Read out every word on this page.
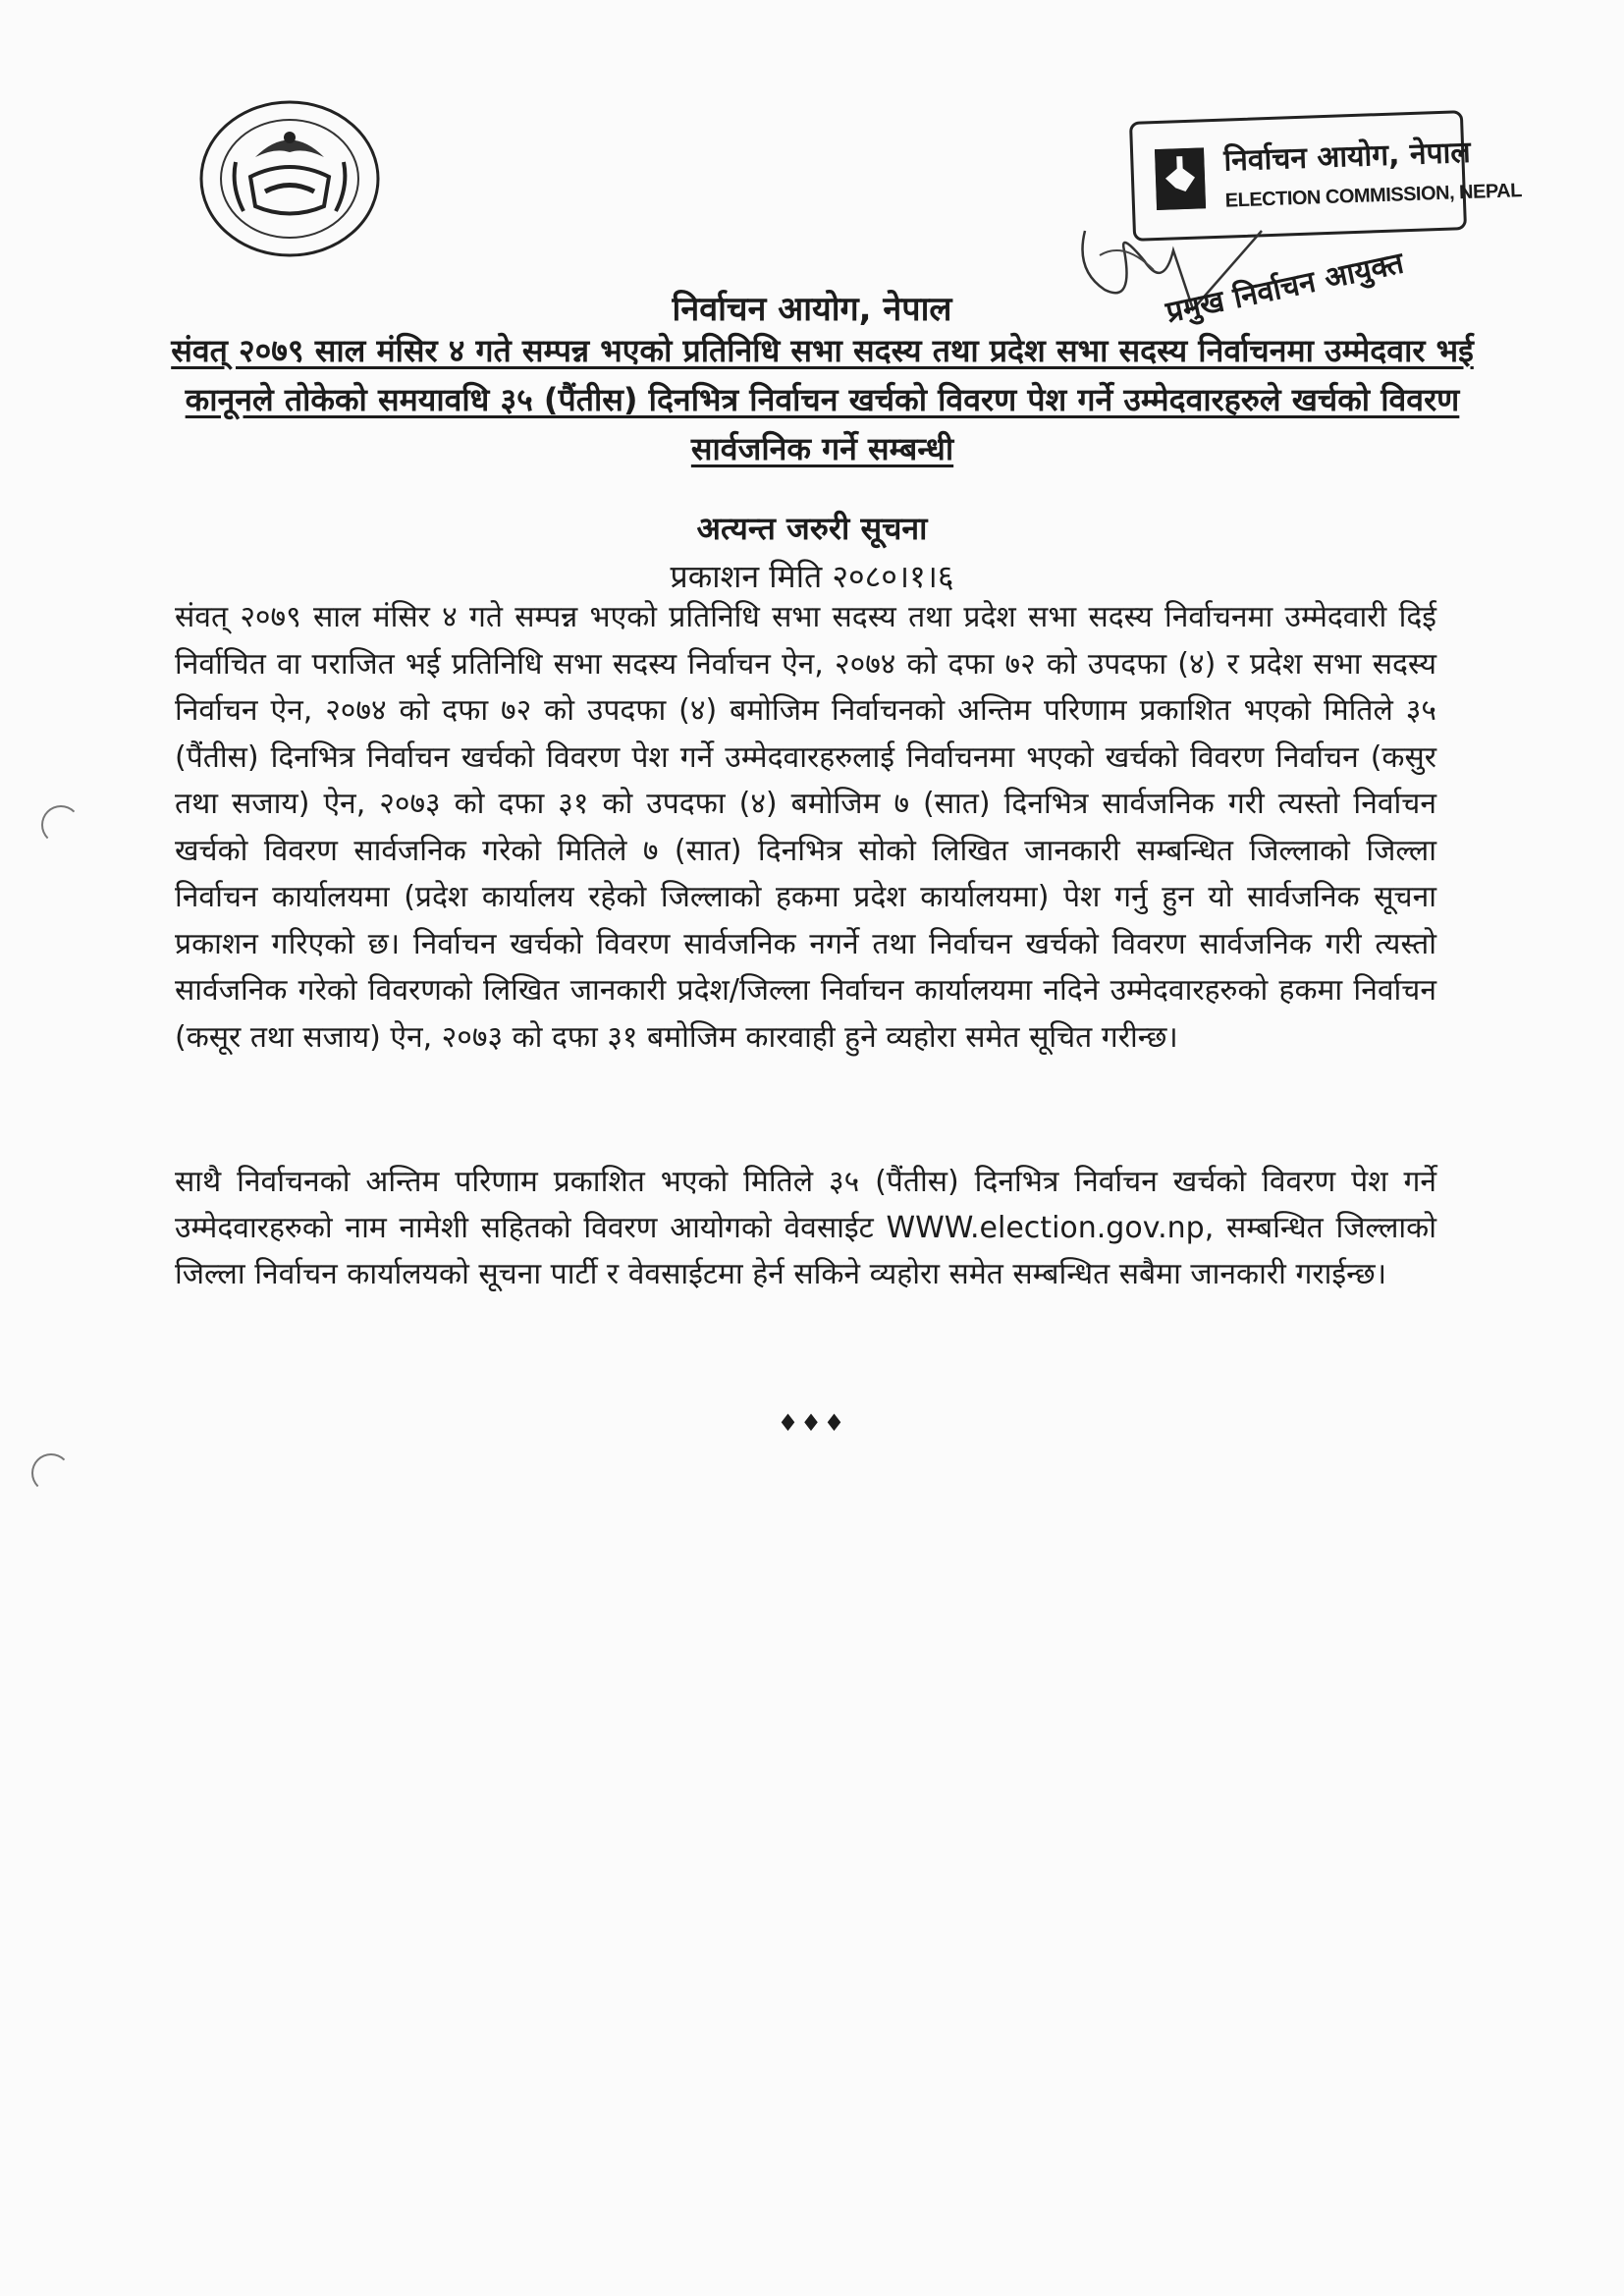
निर्वाचन आयोग, नेपाल
ELECTION COMMISSION, NEPAL
प्रमुख निर्वाचन आयुक्त
निर्वाचन आयोग, नेपाल
संवत् २०७९ साल मंसिर ४ गते सम्पन्न भएको प्रतिनिधि सभा सदस्य तथा प्रदेश सभा सदस्य निर्वाचनमा उम्मेदवार भई कानूनले तोकेको समयावधि ३५ (पैंतीस) दिनभित्र निर्वाचन खर्चको विवरण पेश गर्ने उम्मेदवारहरुले खर्चको विवरण सार्वजनिक गर्ने सम्बन्धी
अत्यन्त जरुरी सूचना
प्रकाशन मिति २०८०।१।६
संवत् २०७९ साल मंसिर ४ गते सम्पन्न भएको प्रतिनिधि सभा सदस्य तथा प्रदेश सभा सदस्य निर्वाचनमा उम्मेदवारी दिई निर्वाचित वा पराजित भई प्रतिनिधि सभा सदस्य निर्वाचन ऐन, २०७४ को दफा ७२ को उपदफा (४) र प्रदेश सभा सदस्य निर्वाचन ऐन, २०७४ को दफा ७२ को उपदफा (४) बमोजिम निर्वाचनको अन्तिम परिणाम प्रकाशित भएको मितिले ३५ (पैंतीस) दिनभित्र निर्वाचन खर्चको विवरण पेश गर्ने उम्मेदवारहरुलाई निर्वाचनमा भएको खर्चको विवरण निर्वाचन (कसुर तथा सजाय) ऐन, २०७३ को दफा ३१ को उपदफा (४) बमोजिम ७ (सात) दिनभित्र सार्वजनिक गरी त्यस्तो निर्वाचन खर्चको विवरण सार्वजनिक गरेको मितिले ७ (सात) दिनभित्र सोको लिखित जानकारी सम्बन्धित जिल्लाको जिल्ला निर्वाचन कार्यालयमा (प्रदेश कार्यालय रहेको जिल्लाको हकमा प्रदेश कार्यालयमा) पेश गर्नु हुन यो सार्वजनिक सूचना प्रकाशन गरिएको छ। निर्वाचन खर्चको विवरण सार्वजनिक नगर्ने तथा निर्वाचन खर्चको विवरण सार्वजनिक गरी त्यस्तो सार्वजनिक गरेको विवरणको लिखित जानकारी प्रदेश/जिल्ला निर्वाचन कार्यालयमा नदिने उम्मेदवारहरुको हकमा निर्वाचन (कसूर तथा सजाय) ऐन, २०७३ को दफा ३१ बमोजिम कारवाही हुने व्यहोरा समेत सूचित गरीन्छ।
साथै निर्वाचनको अन्तिम परिणाम प्रकाशित भएको मितिले ३५ (पैंतीस) दिनभित्र निर्वाचन खर्चको विवरण पेश गर्ने उम्मेदवारहरुको नाम नामेशी सहितको विवरण आयोगको वेवसाईट WWW.election.gov.np, सम्बन्धित जिल्लाको जिल्ला निर्वाचन कार्यालयको सूचना पार्टी र वेवसाईटमा हेर्न सकिने व्यहोरा समेत सम्बन्धित सबैमा जानकारी गराईन्छ।
♦♦♦
